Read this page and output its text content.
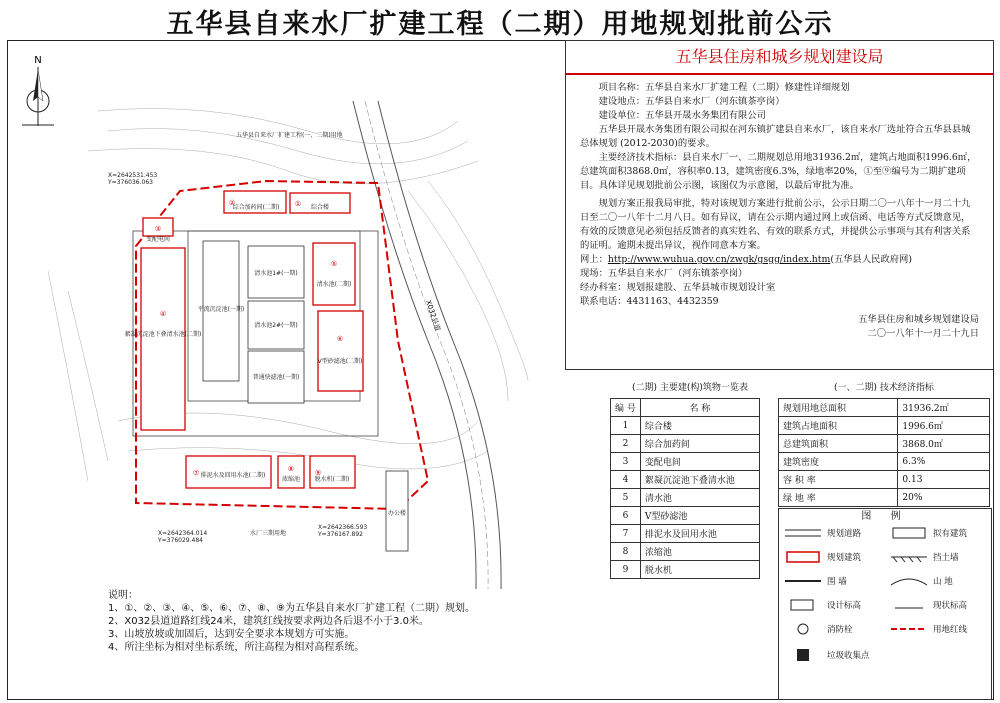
五华县自来水厂扩建工程（二期）用地规划批前公示
N
X032县道
平流沉淀池(一期)
清水池1#(一期)
清水池2#(一期)
普通快滤池(一期)
办公楼
水厂三期用地
④
②	①
③
⑤
⑥
⑦	⑧	⑨
絮凝沉淀池下叠清水池(二期)
综合加药间(二期)	综合楼
变配电间
清水池(二期)
V型砂滤池(二期)
排泥水及回用水池(二期)
浓缩池 脱水机(二期)
X=2642531.453
Y=376036.063
X=2642364.014
Y=376029.484
X=2642366.593
Y=376167.892
五华县自来水厂扩建工程(一、二期)用地
五华县住房和城乡规划建设局

项目名称：五华县自来水厂扩建工程（二期）修建性详细规划

建设地点：五华县自来水厂（河东镇茶亭岗）

建设单位：五华县开晟水务集团有限公司

五华县开晟水务集团有限公司拟在河东镇扩建县自来水厂，该自来水厂选址符合五华县县城总体规划 (2012-2030)的要求。

主要经济技术指标：县自来水厂一、二期规划总用地31936.2㎡，建筑占地面积1996.6㎡，总建筑面积3868.0㎡，容积率0.13，建筑密度6.3%，绿地率20%，①至⑨编号为二期扩建项目。具体详见规划批前公示图，该图仅为示意图，以最后审批为准。

规划方案正报我局审批，特对该规划方案进行批前公示，公示日期二〇一八年十一月二十九日至二〇一八年十二月八日。如有异议，请在公示期内通过网上或信函、电话等方式反馈意见，有效的反馈意见必须包括反馈者的真实姓名、有效的联系方式，并提供公示事项与其有利害关系的证明。逾期未提出异议，视作同意本方案。

网上：http://www.wuhua.gov.cn/zwgk/gsgg/index.htm(五华县人民政府网)

现场：五华县自来水厂（河东镇茶亭岗）

经办科室：规划报建股、五华县城市规划设计室

联系电话：4431163、4432359

五华县住房和城乡规划建设局

二〇一八年十一月二十九日

(二期) 主要建(构)筑物一览表
编 号	名 称
1	综合楼
2	综合加药间
3	变配电间
4	絮凝沉淀池下叠清水池
5	清水池
6	V型砂滤池
7	排泥水及回用水池
8	浓缩池
9	脱水机
(一、二期) 技术经济指标
规划用地总面积	31936.2㎡
建筑占地面积	1996.6㎡
总建筑面积	3868.0㎡
建筑密度	6.3%
容 积 率	0.13
绿 地 率	20%
图 例
规划道路	拟有建筑
规划建筑	挡土墙
围 墙	山 地
设计标高	现状标高
消防栓	用地红线
垃圾收集点

说明：

1、①、②、③、④、⑤、⑥、⑦、⑧、⑨为五华县自来水厂扩建工程（二期）规划。

2、X032县道道路红线24米，建筑红线按要求两边各后退不小于3.0米。

3、山坡放坡或加固后，达到安全要求本规划方可实施。

4、所注坐标为相对坐标系统，所注高程为相对高程系统。
